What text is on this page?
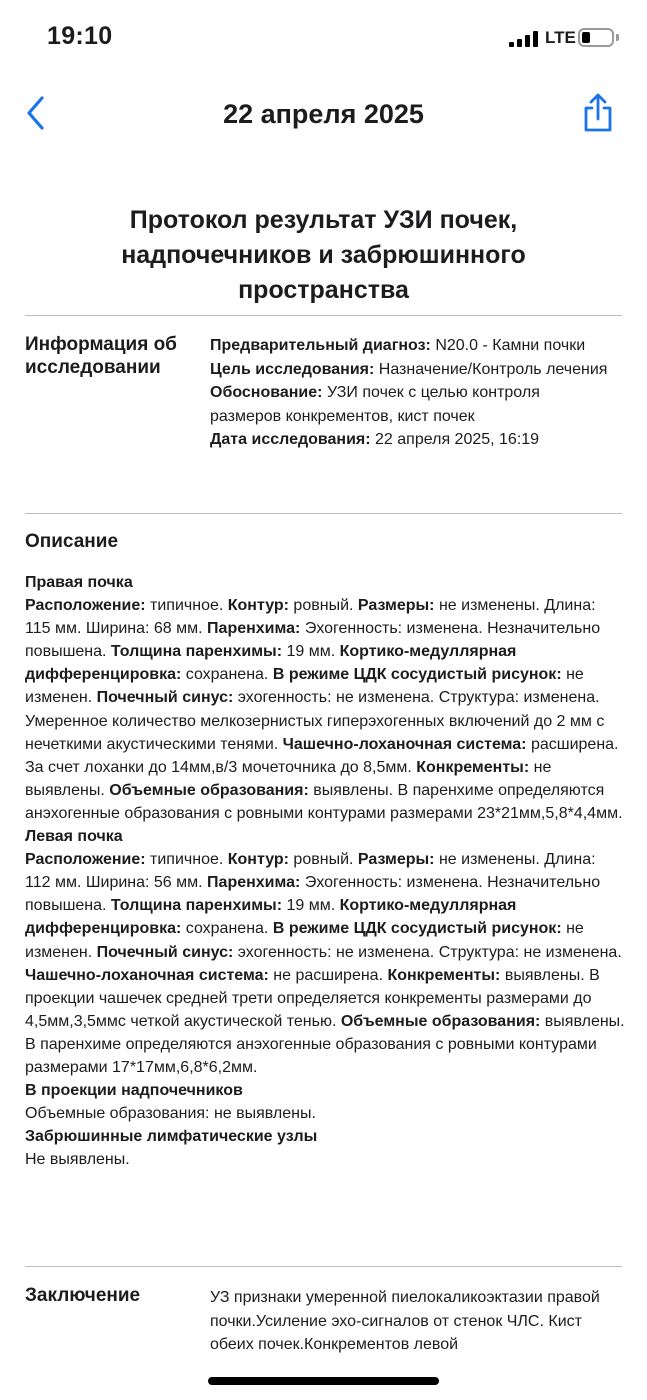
19:10	LTE
22 апреля 2025
Протокол результат УЗИ почек, надпочечников и забрюшинного пространства
Информация об исследовании
Предварительный диагноз: N20.0 - Камни почки
Цель исследования: Назначение/Контроль лечения
Обоснование: УЗИ почек с целью контроля размеров конкрементов, кист почек
Дата исследования: 22 апреля 2025, 16:19
Описание
Правая почка
Расположение: типичное. Контур: ровный. Размеры: не изменены. Длина: 115 мм. Ширина: 68 мм. Паренхима: Эхогенность: изменена. Незначительно повышена. Толщина паренхимы: 19 мм. Кортико-медуллярная дифференцировка: сохранена. В режиме ЦДК сосудистый рисунок: не изменен. Почечный синус: эхогенность: не изменена. Структура: изменена. Умеренное количество мелкозернистых гиперэхогенных включений до 2 мм с нечеткими акустическими тенями. Чашечно-лоханочная система: расширена. За счет лоханки до 14мм,в/3 мочеточника до 8,5мм. Конкременты: не выявлены. Объемные образования: выявлены. В паренхиме определяются анэхогенные образования с ровными контурами размерами 23*21мм,5,8*4,4мм.
Левая почка
Расположение: типичное. Контур: ровный. Размеры: не изменены. Длина: 112 мм. Ширина: 56 мм. Паренхима: Эхогенность: изменена. Незначительно повышена. Толщина паренхимы: 19 мм. Кортико-медуллярная дифференцировка: сохранена. В режиме ЦДК сосудистый рисунок: не изменен. Почечный синус: эхогенность: не изменена. Структура: не изменена. Чашечно-лоханочная система: не расширена. Конкременты: выявлены. В проекции чашечек средней трети определяется конкременты размерами до 4,5мм,3,5ммс четкой акустической тенью. Объемные образования: выявлены. В паренхиме определяются анэхогенные образования с ровными контурами размерами 17*17мм,6,8*6,2мм.
В проекции надпочечников
Объемные образования: не выявлены.
Забрюшинные лимфатические узлы
Не выявлены.
Заключение	УЗ признаки умеренной пиелокаликоэктазии правой почки.Усиление эхо-сигналов от стенок ЧЛС. Кист обеих почек.Конкрементов левой
